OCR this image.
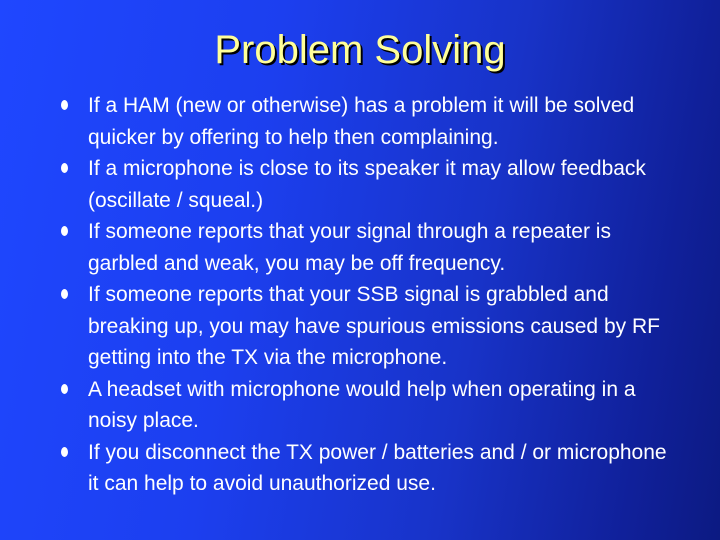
Problem Solving
If a HAM (new or otherwise) has a problem it will be solved quicker by offering to help then complaining.
If a microphone is close to its speaker it may allow feedback (oscillate / squeal.)
If someone reports that your signal through a repeater is garbled and weak, you may be off frequency.
If someone reports that your SSB signal is grabbled and breaking up, you may have spurious emissions caused by RF getting into the TX via the microphone.
A headset with microphone would help when operating in a noisy place.
If you disconnect the TX power / batteries and / or microphone it can help to avoid unauthorized use.
